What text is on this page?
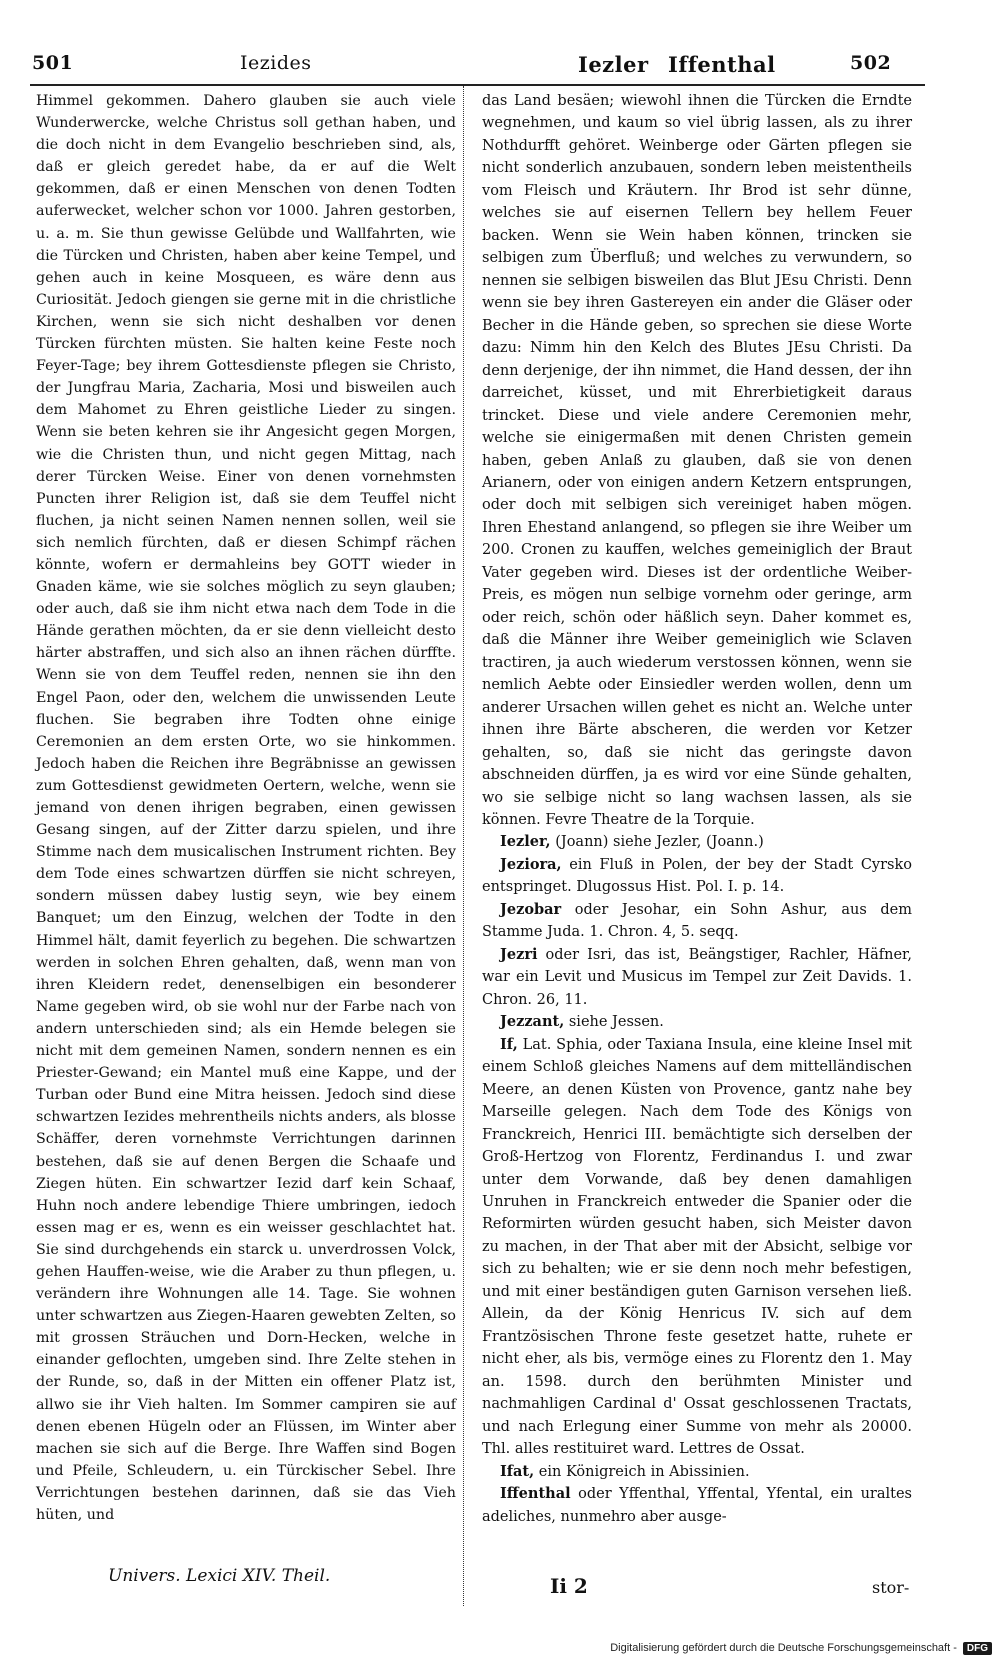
501	Iezides	Iezler Iffenthal	502

Himmel gekommen. Dahero glauben sie auch viele Wunderwercke, welche Christus soll gethan haben, und die doch nicht in dem Evangelio beschrieben sind, als, daß er gleich geredet habe, da er auf die Welt gekommen, daß er einen Menschen von denen Todten auferwecket, welcher schon vor 1000. Jahren gestorben, u. a. m. Sie thun gewisse Gelübde und Wallfahrten, wie die Türcken und Christen, haben aber keine Tempel, und gehen auch in keine Mosqueen, es wäre denn aus Curiosität. Jedoch giengen sie gerne mit in die christliche Kirchen, wenn sie sich nicht deshalben vor denen Türcken fürchten müsten. Sie halten keine Feste noch Feyer-Tage; bey ihrem Gottesdienste pflegen sie Christo, der Jungfrau Maria, Zacharia, Mosi und bisweilen auch dem Mahomet zu Ehren geistliche Lieder zu singen. Wenn sie beten kehren sie ihr Angesicht gegen Morgen, wie die Christen thun, und nicht gegen Mittag, nach derer Türcken Weise. Einer von denen vornehmsten Puncten ihrer Religion ist, daß sie dem Teuffel nicht fluchen, ja nicht seinen Namen nennen sollen, weil sie sich nemlich fürchten, daß er diesen Schimpf rächen könnte, wofern er dermahleins bey GOTT wieder in Gnaden käme, wie sie solches möglich zu seyn glauben; oder auch, daß sie ihm nicht etwa nach dem Tode in die Hände gerathen möchten, da er sie denn vielleicht desto härter abstraffen, und sich also an ihnen rächen dürffte. Wenn sie von dem Teuffel reden, nennen sie ihn den Engel Paon, oder den, welchem die unwissenden Leute fluchen. Sie begraben ihre Todten ohne einige Ceremonien an dem ersten Orte, wo sie hinkommen. Jedoch haben die Reichen ihre Begräbnisse an gewissen zum Gottesdienst gewidmeten Oertern, welche, wenn sie jemand von denen ihrigen begraben, einen gewissen Gesang singen, auf der Zitter darzu spielen, und ihre Stimme nach dem musicalischen Instrument richten. Bey dem Tode eines schwartzen dürffen sie nicht schreyen, sondern müssen dabey lustig seyn, wie bey einem Banquet; um den Einzug, welchen der Todte in den Himmel hält, damit feyerlich zu begehen. Die schwartzen werden in solchen Ehren gehalten, daß, wenn man von ihren Kleidern redet, denenselbigen ein besonderer Name gegeben wird, ob sie wohl nur der Farbe nach von andern unterschieden sind; als ein Hemde belegen sie nicht mit dem gemeinen Namen, sondern nennen es ein Priester-Gewand; ein Mantel muß eine Kappe, und der Turban oder Bund eine Mitra heissen. Jedoch sind diese schwartzen Iezides mehrentheils nichts anders, als blosse Schäffer, deren vornehmste Verrichtungen darinnen bestehen, daß sie auf denen Bergen die Schaafe und Ziegen hüten. Ein schwartzer Iezid darf kein Schaaf, Huhn noch andere lebendige Thiere umbringen, iedoch essen mag er es, wenn es ein weisser geschlachtet hat. Sie sind durchgehends ein starck u. unverdrossen Volck, gehen Hauffen-weise, wie die Araber zu thun pflegen, u. verändern ihre Wohnungen alle 14. Tage. Sie wohnen unter schwartzen aus Ziegen-Haaren gewebten Zelten, so mit grossen Sträuchen und Dorn-Hecken, welche in einander geflochten, umgeben sind. Ihre Zelte stehen in der Runde, so, daß in der Mitten ein offener Platz ist, allwo sie ihr Vieh halten. Im Sommer campiren sie auf denen ebenen Hügeln oder an Flüssen, im Winter aber machen sie sich auf die Berge. Ihre Waffen sind Bogen und Pfeile, Schleudern, u. ein Türckischer Sebel. Ihre Verrichtungen bestehen darinnen, daß sie das Vieh hüten, und

das Land besäen; wiewohl ihnen die Türcken die Erndte wegnehmen, und kaum so viel übrig lassen, als zu ihrer Nothdurfft gehöret. Weinberge oder Gärten pflegen sie nicht sonderlich anzubauen, sondern leben meistentheils vom Fleisch und Kräutern. Ihr Brod ist sehr dünne, welches sie auf eisernen Tellern bey hellem Feuer backen. Wenn sie Wein haben können, trincken sie selbigen zum Überfluß; und welches zu verwundern, so nennen sie selbigen bisweilen das Blut JEsu Christi. Denn wenn sie bey ihren Gastereyen ein ander die Gläser oder Becher in die Hände geben, so sprechen sie diese Worte dazu: Nimm hin den Kelch des Blutes JEsu Christi. Da denn derjenige, der ihn nimmet, die Hand dessen, der ihn darreichet, küsset, und mit Ehrerbietigkeit daraus trincket. Diese und viele andere Ceremonien mehr, welche sie einigermaßen mit denen Christen gemein haben, geben Anlaß zu glauben, daß sie von denen Arianern, oder von einigen andern Ketzern entsprungen, oder doch mit selbigen sich vereiniget haben mögen. Ihren Ehestand anlangend, so pflegen sie ihre Weiber um 200. Cronen zu kauffen, welches gemeiniglich der Braut Vater gegeben wird. Dieses ist der ordentliche Weiber-Preis, es mögen nun selbige vornehm oder geringe, arm oder reich, schön oder häßlich seyn. Daher kommet es, daß die Männer ihre Weiber gemeiniglich wie Sclaven tractiren, ja auch wiederum verstossen können, wenn sie nemlich Aebte oder Einsiedler werden wollen, denn um anderer Ursachen willen gehet es nicht an. Welche unter ihnen ihre Bärte abscheren, die werden vor Ketzer gehalten, so, daß sie nicht das geringste davon abschneiden dürffen, ja es wird vor eine Sünde gehalten, wo sie selbige nicht so lang wachsen lassen, als sie können. Fevre Theatre de la Torquie.

Iezler, (Joann) siehe Jezler, (Joann.)

Jeziora, ein Fluß in Polen, der bey der Stadt Cyrsko entspringet. Dlugossus Hist. Pol. I. p. 14.

Jezobar oder Jesohar, ein Sohn Ashur, aus dem Stamme Juda. 1. Chron. 4, 5. seqq.

Jezri oder Isri, das ist, Beängstiger, Rachler, Häfner, war ein Levit und Musicus im Tempel zur Zeit Davids. 1. Chron. 26, 11.

Jezzant, siehe Jessen.

If, Lat. Sphia, oder Taxiana Insula, eine kleine Insel mit einem Schloß gleiches Namens auf dem mittelländischen Meere, an denen Küsten von Provence, gantz nahe bey Marseille gelegen. Nach dem Tode des Königs von Franckreich, Henrici III. bemächtigte sich derselben der Groß-Hertzog von Florentz, Ferdinandus I. und zwar unter dem Vorwande, daß bey denen damahligen Unruhen in Franckreich entweder die Spanier oder die Reformirten würden gesucht haben, sich Meister davon zu machen, in der That aber mit der Absicht, selbige vor sich zu behalten; wie er sie denn noch mehr befestigen, und mit einer beständigen guten Garnison versehen ließ. Allein, da der König Henricus IV. sich auf dem Frantzösischen Throne feste gesetzet hatte, ruhete er nicht eher, als bis, vermöge eines zu Florentz den 1. May an. 1598. durch den berühmten Minister und nachmahligen Cardinal d' Ossat geschlossenen Tractats, und nach Erlegung einer Summe von mehr als 20000. Thl. alles restituiret ward. Lettres de Ossat.

Ifat, ein Königreich in Abissinien.

Iffenthal oder Yffenthal, Yffental, Yfental, ein uraltes adeliches, nunmehro aber ausge-

Univers. Lexici XIV. Theil.	Ii 2	stor-
Digitalisierung gefördert durch die Deutsche Forschungsgemeinschaft -	DFG
